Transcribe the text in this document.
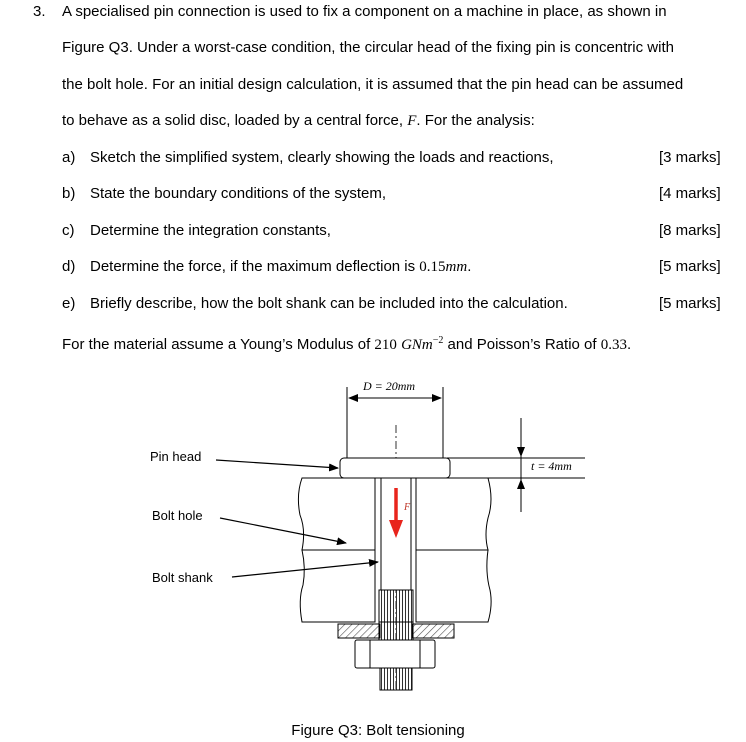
3. A specialised pin connection is used to fix a component on a machine in place, as shown in
Figure Q3. Under a worst-case condition, the circular head of the fixing pin is concentric with
the bolt hole. For an initial design calculation, it is assumed that the pin head can be assumed
to behave as a solid disc, loaded by a central force, F. For the analysis:
a) Sketch the simplified system, clearly showing the loads and reactions,	[3 marks]
b) State the boundary conditions of the system,	[4 marks]
c) Determine the integration constants,	[8 marks]
d) Determine the force, if the maximum deflection is 0.15mm.	[5 marks]
e) Briefly describe, how the bolt shank can be included into the calculation.	[5 marks]
For the material assume a Young’s Modulus of 210 GNm$^{-2}$ and Poisson’s Ratio of 0.33.
D = 20mm
t = 4mm
F
Pin head
Bolt hole
Bolt shank
Figure Q3: Bolt tensioning
